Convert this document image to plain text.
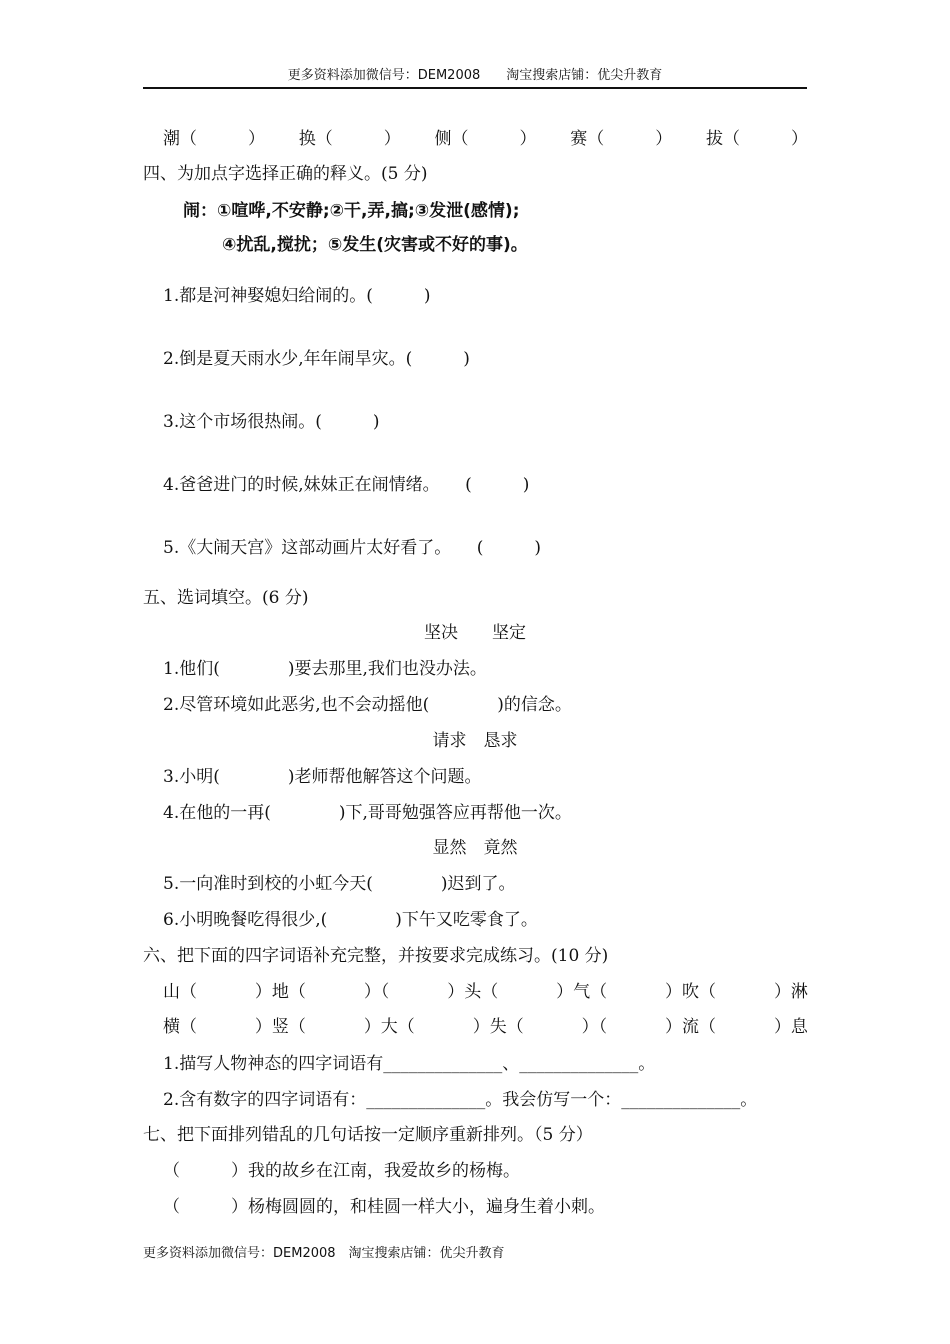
更多资料添加微信号：DEM2008　　淘宝搜索店铺：优尖升教育
潮（　　　） 换（　　　） 侧（　　　） 赛（　　　） 拔（　　　）
四、为加点字选择正确的释义。(5 分)
闹：①喧哗,不安静;②干,弄,搞;③发泄(感情);
④扰乱,搅扰；⑤发生(灾害或不好的事)。
1.都是河神娶媳妇给闹的。(　　　)
2.倒是夏天雨水少,年年闹旱灾。(　　　)
3.这个市场很热闹。(　　　)
4.爸爸进门的时候,妹妹正在闹情绪。　　(　　　)
5.《大闹天宫》这部动画片太好看了。　　(　　　)
五、选词填空。(6 分)
坚决　　坚定
1.他们(　　　　)要去那里,我们也没办法。
2.尽管环境如此恶劣,也不会动摇他(　　　　)的信念。
请求　恳求
3.小明(　　　　)老师帮他解答这个问题。
4.在他的一再(　　　　)下,哥哥勉强答应再帮他一次。
显然　竟然
5.一向准时到校的小虹今天(　　　　)迟到了。
6.小明晚餐吃得很少,(　　　　)下午又吃零食了。
六、把下面的四字词语补充完整，并按要求完成练习。(10 分)
山（	）地（	）（	）头（	）气（	）吹（	）淋
横（	）竖（	）大（	）失（	）（	）流（	）息
1.描写人物神态的四字词语有______________、______________。
2.含有数字的四字词语有：______________。我会仿写一个：______________。
七、把下面排列错乱的几句话按一定顺序重新排列。（5 分）
（　　　）我的故乡在江南，我爱故乡的杨梅。
（　　　）杨梅圆圆的，和桂圆一样大小，遍身生着小刺。
更多资料添加微信号：DEM2008　淘宝搜索店铺：优尖升教育
